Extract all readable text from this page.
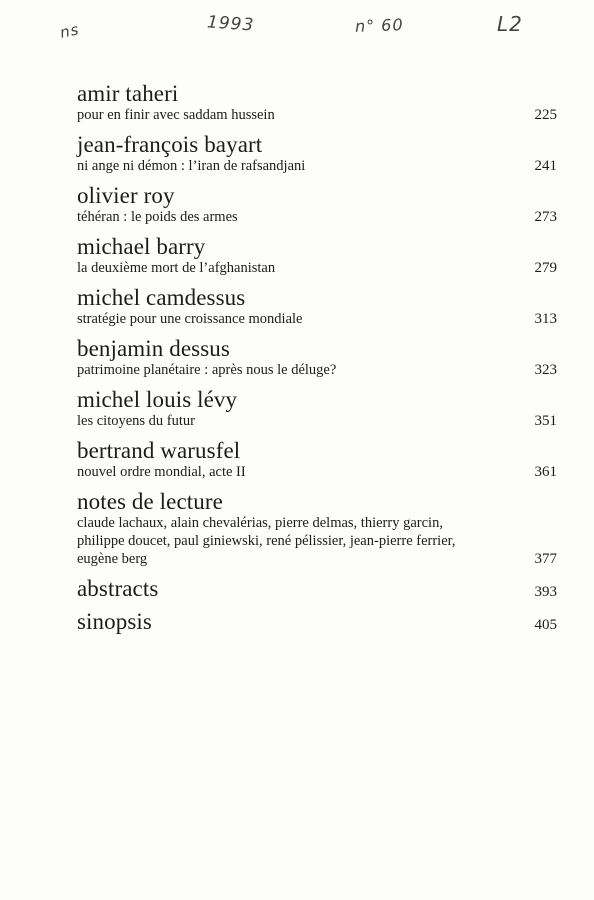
ns	1993	n° 60	L2
amir taheri
pour en finir avec saddam hussein	225
jean-françois bayart
ni ange ni démon : l’iran de rafsandjani	241
olivier roy
téhéran : le poids des armes	273
michael barry
la deuxième mort de l’afghanistan	279
michel camdessus
stratégie pour une croissance mondiale	313
benjamin dessus
patrimoine planétaire : après nous le déluge?	323
michel louis lévy
les citoyens du futur	351
bertrand warusfel
nouvel ordre mondial, acte II	361
notes de lecture
claude lachaux, alain chevalérias, pierre delmas, thierry garcin, philippe doucet, paul giniewski, rené pélissier, jean-pierre ferrier, eugène berg	377
abstracts	393
sinopsis	405
